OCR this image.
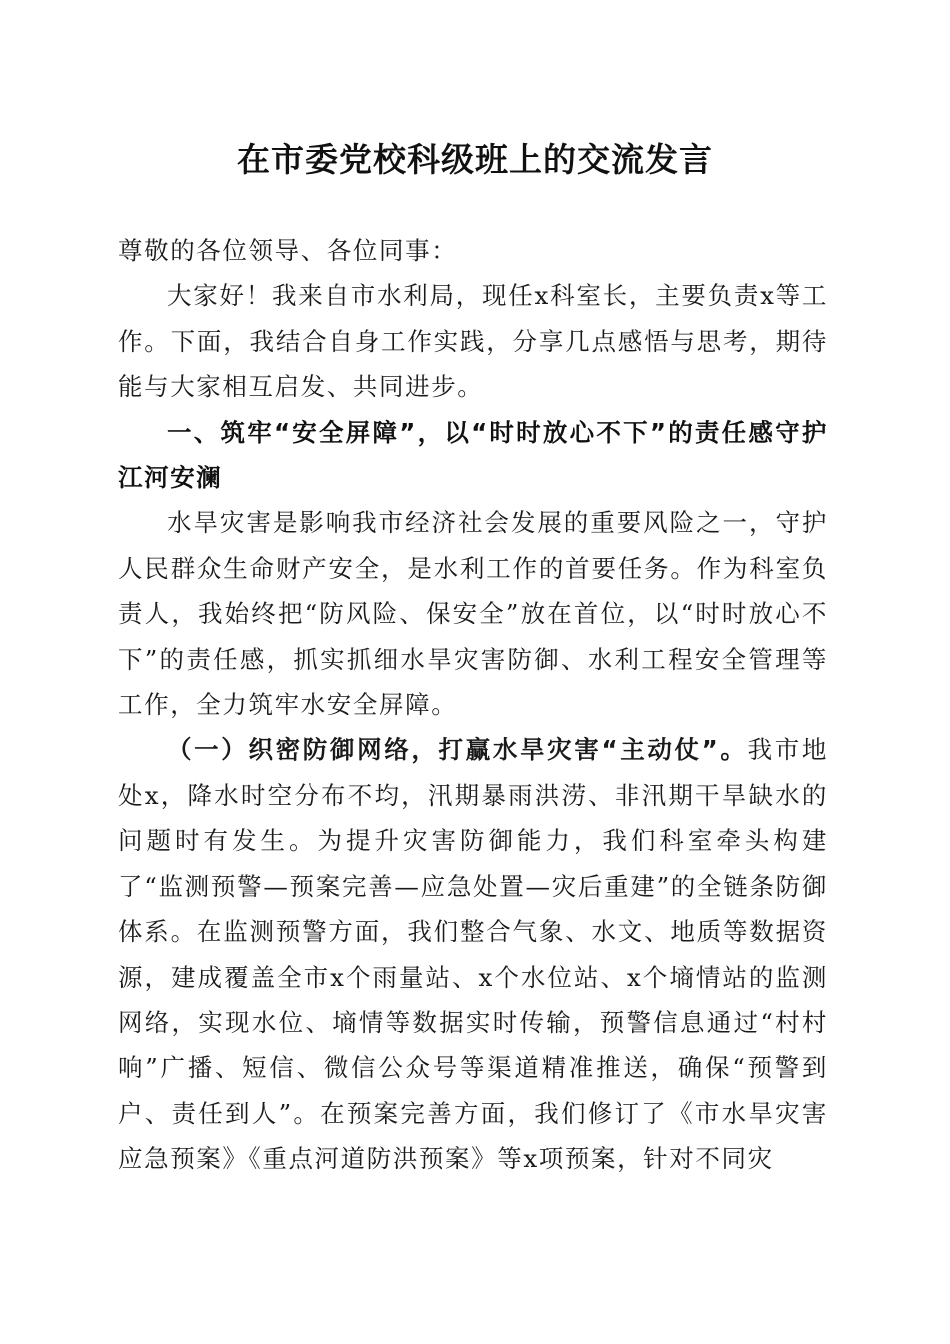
在市委党校科级班上的交流发言

尊敬的各位领导、各位同事：

大家好！我来自市水利局，现任x科室长，主要负责x等工作。下面，我结合自身工作实践，分享几点感悟与思考，期待能与大家相互启发、共同进步。

一、筑牢“安全屏障”，以“时时放心不下”的责任感守护江河安澜

水旱灾害是影响我市经济社会发展的重要风险之一，守护人民群众生命财产安全，是水利工作的首要任务。作为科室负责人，我始终把“防风险、保安全”放在首位，以“时时放心不下”的责任感，抓实抓细水旱灾害防御、水利工程安全管理等工作，全力筑牢水安全屏障。

（一）织密防御网络，打赢水旱灾害“主动仗”。我市地处x，降水时空分布不均，汛期暴雨洪涝、非汛期干旱缺水的问题时有发生。为提升灾害防御能力，我们科室牵头构建了“监测预警—预案完善—应急处置—灾后重建”的全链条防御体系。在监测预警方面，我们整合气象、水文、地质等数据资源，建成覆盖全市x个雨量站、x个水位站、x个墒情站的监测网络，实现水位、墒情等数据实时传输，预警信息通过“村村响”广播、短信、微信公众号等渠道精准推送，确保“预警到户、责任到人”。在预案完善方面，我们修订了《市水旱灾害应急预案》《重点河道防洪预案》等x项预案，针对不同灾
